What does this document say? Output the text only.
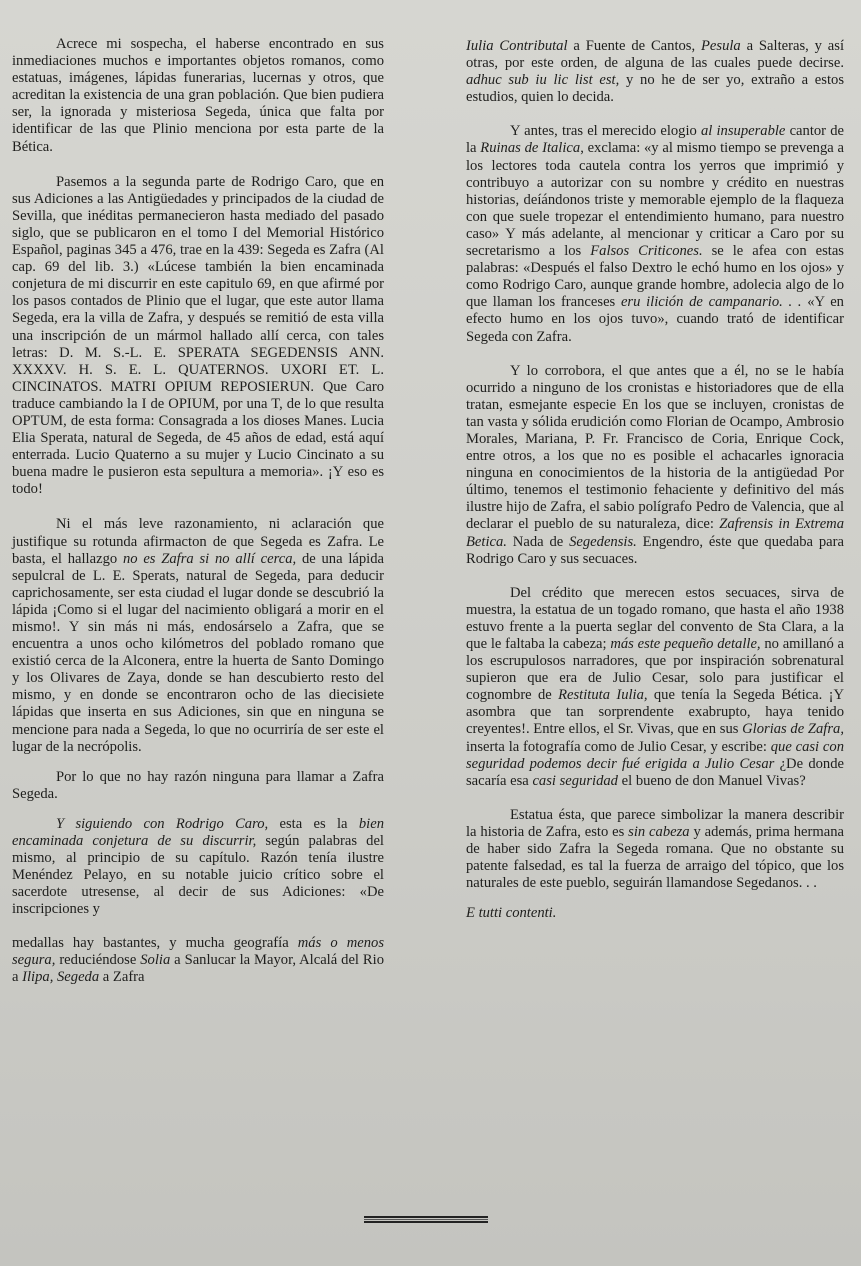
Acrece mi sospecha, el haberse encontrado en sus inmediaciones muchos e importantes objetos romanos, como estatuas, imágenes, lápidas funerarias, lucernas y otros, que acreditan la existencia de una gran población. Que bien pudiera ser, la ignorada y misteriosa Segeda, única que falta por identificar de las que Plinio menciona por esta parte de la Bética.

Pasemos a la segunda parte de Rodrigo Caro, que en sus Adiciones a las Antigüedades y principados de la ciudad de Sevilla, que inéditas permanecieron hasta mediado del pasado siglo, que se publicaron en el tomo I del Memorial Histórico Español, paginas 345 a 476, trae en la 439: Segeda es Zafra (Al cap. 69 del lib. 3.) «Lúcese también la bien encaminada conjetura de mi discurrir en este capitulo 69, en que afirmé por los pasos contados de Plinio que el lugar, que este autor llama Segeda, era la villa de Zafra, y después se remitió de esta villa una inscripción de un mármol hallado allí cerca, con tales letras: D. M. S.-L. E. SPERATA SEGEDENSIS ANN. XXXXV. H. S. E. L. QUATERNOS. UXORI ET. L. CINCINATOS. MATRI OPIUM REPOSIERUN. Que Caro traduce cambiando la I de OPIUM, por una T, de lo que resulta OPTUM, de esta forma: Consagrada a los dioses Manes. Lucia Elia Sperata, natural de Segeda, de 45 años de edad, está aquí enterrada. Lucio Quaterno a su mujer y Lucio Cincinato a su buena madre le pusieron esta sepultura a memoria». ¡Y eso es todo!

Ni el más leve razonamiento, ni aclaración que justifique su rotunda afirmacton de que Segeda es Zafra. Le basta, el hallazgo no es Zafra si no allí cerca, de una lápida sepulcral de L. E. Sperats, natural de Segeda, para deducir caprichosamente, ser esta ciudad el lugar donde se descubrió la lápida ¡Como si el lugar del nacimiento obligará a morir en el mismo!. Y sin más ni más, endosárselo a Zafra, que se encuentra a unos ocho kilómetros del poblado romano que existió cerca de la Alconera, entre la huerta de Santo Domingo y los Olivares de Zaya, donde se han descubierto resto del mismo, y en donde se encontraron ocho de las diecisiete lápidas que inserta en sus Adiciones, sin que en ninguna se mencione para nada a Segeda, lo que no ocurriría de ser este el lugar de la necrópolis.

Por lo que no hay razón ninguna para llamar a Zafra Segeda.

Y siguiendo con Rodrigo Caro, esta es la bien encaminada conjetura de su discurrir, según palabras del mismo, al principio de su capítulo. Razón tenía ilustre Menéndez Pelayo, en su notable juicio crítico sobre el sacerdote utresense, al decir de sus Adiciones: «De inscripciones y

medallas hay bastantes, y mucha geografía más o menos segura, reduciéndose Solia a Sanlucar la Mayor, Alcalá del Rio a Ilipa, Segeda a Zafra

Iulia Contributal a Fuente de Cantos, Pesula a Salteras, y así otras, por este orden, de alguna de las cuales puede decirse. adhuc sub iu lic list est, y no he de ser yo, extraño a estos estudios, quien lo decida.

Y antes, tras el merecido elogio al insuperable cantor de la Ruinas de Italica, exclama: «y al mismo tiempo se prevenga a los lectores toda cautela contra los yerros que imprimió y contribuyo a autorizar con su nombre y crédito en nuestras historias, deíándonos triste y memorable ejemplo de la flaqueza con que suele tropezar el entendimiento humano, para nuestro caso» Y más adelante, al mencionar y criticar a Caro por su secretarismo a los Falsos Criticones. se le afea con estas palabras: «Después el falso Dextro le echó humo en los ojos» y como Rodrigo Caro, aunque grande hombre, adolecia algo de lo que llaman los franceses eru ilición de campanario. . . «Y en efecto humo en los ojos tuvo», cuando trató de identificar Segeda con Zafra.

Y lo corrobora, el que antes que a él, no se le había ocurrido a ninguno de los cronistas e historiadores que de ella tratan, esmejante especie En los que se incluyen, cronistas de tan vasta y sólida erudición como Florian de Ocampo, Ambrosio Morales, Mariana, P. Fr. Francisco de Coria, Enrique Cock, entre otros, a los que no es posible el achacarles ignoracia ninguna en conocimientos de la historia de la antigüedad Por último, tenemos el testimonio fehaciente y definitivo del más ilustre hijo de Zafra, el sabio polígrafo Pedro de Valencia, que al declarar el pueblo de su naturaleza, dice: Zafrensis in Extrema Betica. Nada de Segedensis. Engendro, éste que quedaba para Rodrigo Caro y sus secuaces.

Del crédito que merecen estos secuaces, sirva de muestra, la estatua de un togado romano, que hasta el año 1938 estuvo frente a la puerta seglar del convento de Sta Clara, a la que le faltaba la cabeza; más este pequeño detalle, no amillanó a los escrupulosos narradores, que por inspiración sobrenatural supieron que era de Julio Cesar, solo para justificar el cognombre de Restituta Iulia, que tenía la Segeda Bética. ¡Y asombra que tan sorprendente exabrupto, haya tenido creyentes!. Entre ellos, el Sr. Vivas, que en sus Glorias de Zafra, inserta la fotografía como de Julio Cesar, y escribe: que casi con seguridad podemos decir fué erigida a Julio Cesar ¿De donde sacaría esa casi seguridad el bueno de don Manuel Vivas?

Estatua ésta, que parece simbolizar la manera describir la historia de Zafra, esto es sin cabeza y además, prima hermana de haber sido Zafra la Segeda romana. Que no obstante su patente falsedad, es tal la fuerza de arraigo del tópico, que los naturales de este pueblo, seguirán llamandose Segedanos. . .

E tutti contenti.
